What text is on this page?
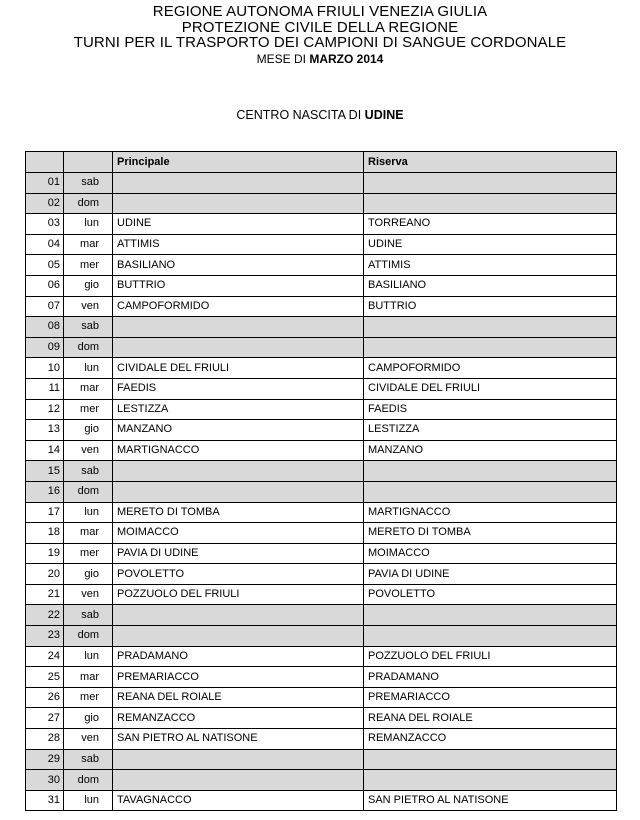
REGIONE AUTONOMA FRIULI VENEZIA GIULIA
PROTEZIONE CIVILE DELLA REGIONE
TURNI PER IL TRASPORTO DEI CAMPIONI DI SANGUE CORDONALE
MESE DI MARZO 2014
CENTRO NASCITA DI UDINE
		Principale	Riserva
01	sab		
02	dom		
03	lun	UDINE	TORREANO
04	mar	ATTIMIS	UDINE
05	mer	BASILIANO	ATTIMIS
06	gio	BUTTRIO	BASILIANO
07	ven	CAMPOFORMIDO	BUTTRIO
08	sab		
09	dom		
10	lun	CIVIDALE DEL FRIULI	CAMPOFORMIDO
11	mar	FAEDIS	CIVIDALE DEL FRIULI
12	mer	LESTIZZA	FAEDIS
13	gio	MANZANO	LESTIZZA
14	ven	MARTIGNACCO	MANZANO
15	sab		
16	dom		
17	lun	MERETO DI TOMBA	MARTIGNACCO
18	mar	MOIMACCO	MERETO DI TOMBA
19	mer	PAVIA DI UDINE	MOIMACCO
20	gio	POVOLETTO	PAVIA DI UDINE
21	ven	POZZUOLO DEL FRIULI	POVOLETTO
22	sab		
23	dom		
24	lun	PRADAMANO	POZZUOLO DEL FRIULI
25	mar	PREMARIACCO	PRADAMANO
26	mer	REANA DEL ROIALE	PREMARIACCO
27	gio	REMANZACCO	REANA DEL ROIALE
28	ven	SAN PIETRO AL NATISONE	REMANZACCO
29	sab		
30	dom		
31	lun	TAVAGNACCO	SAN PIETRO AL NATISONE
